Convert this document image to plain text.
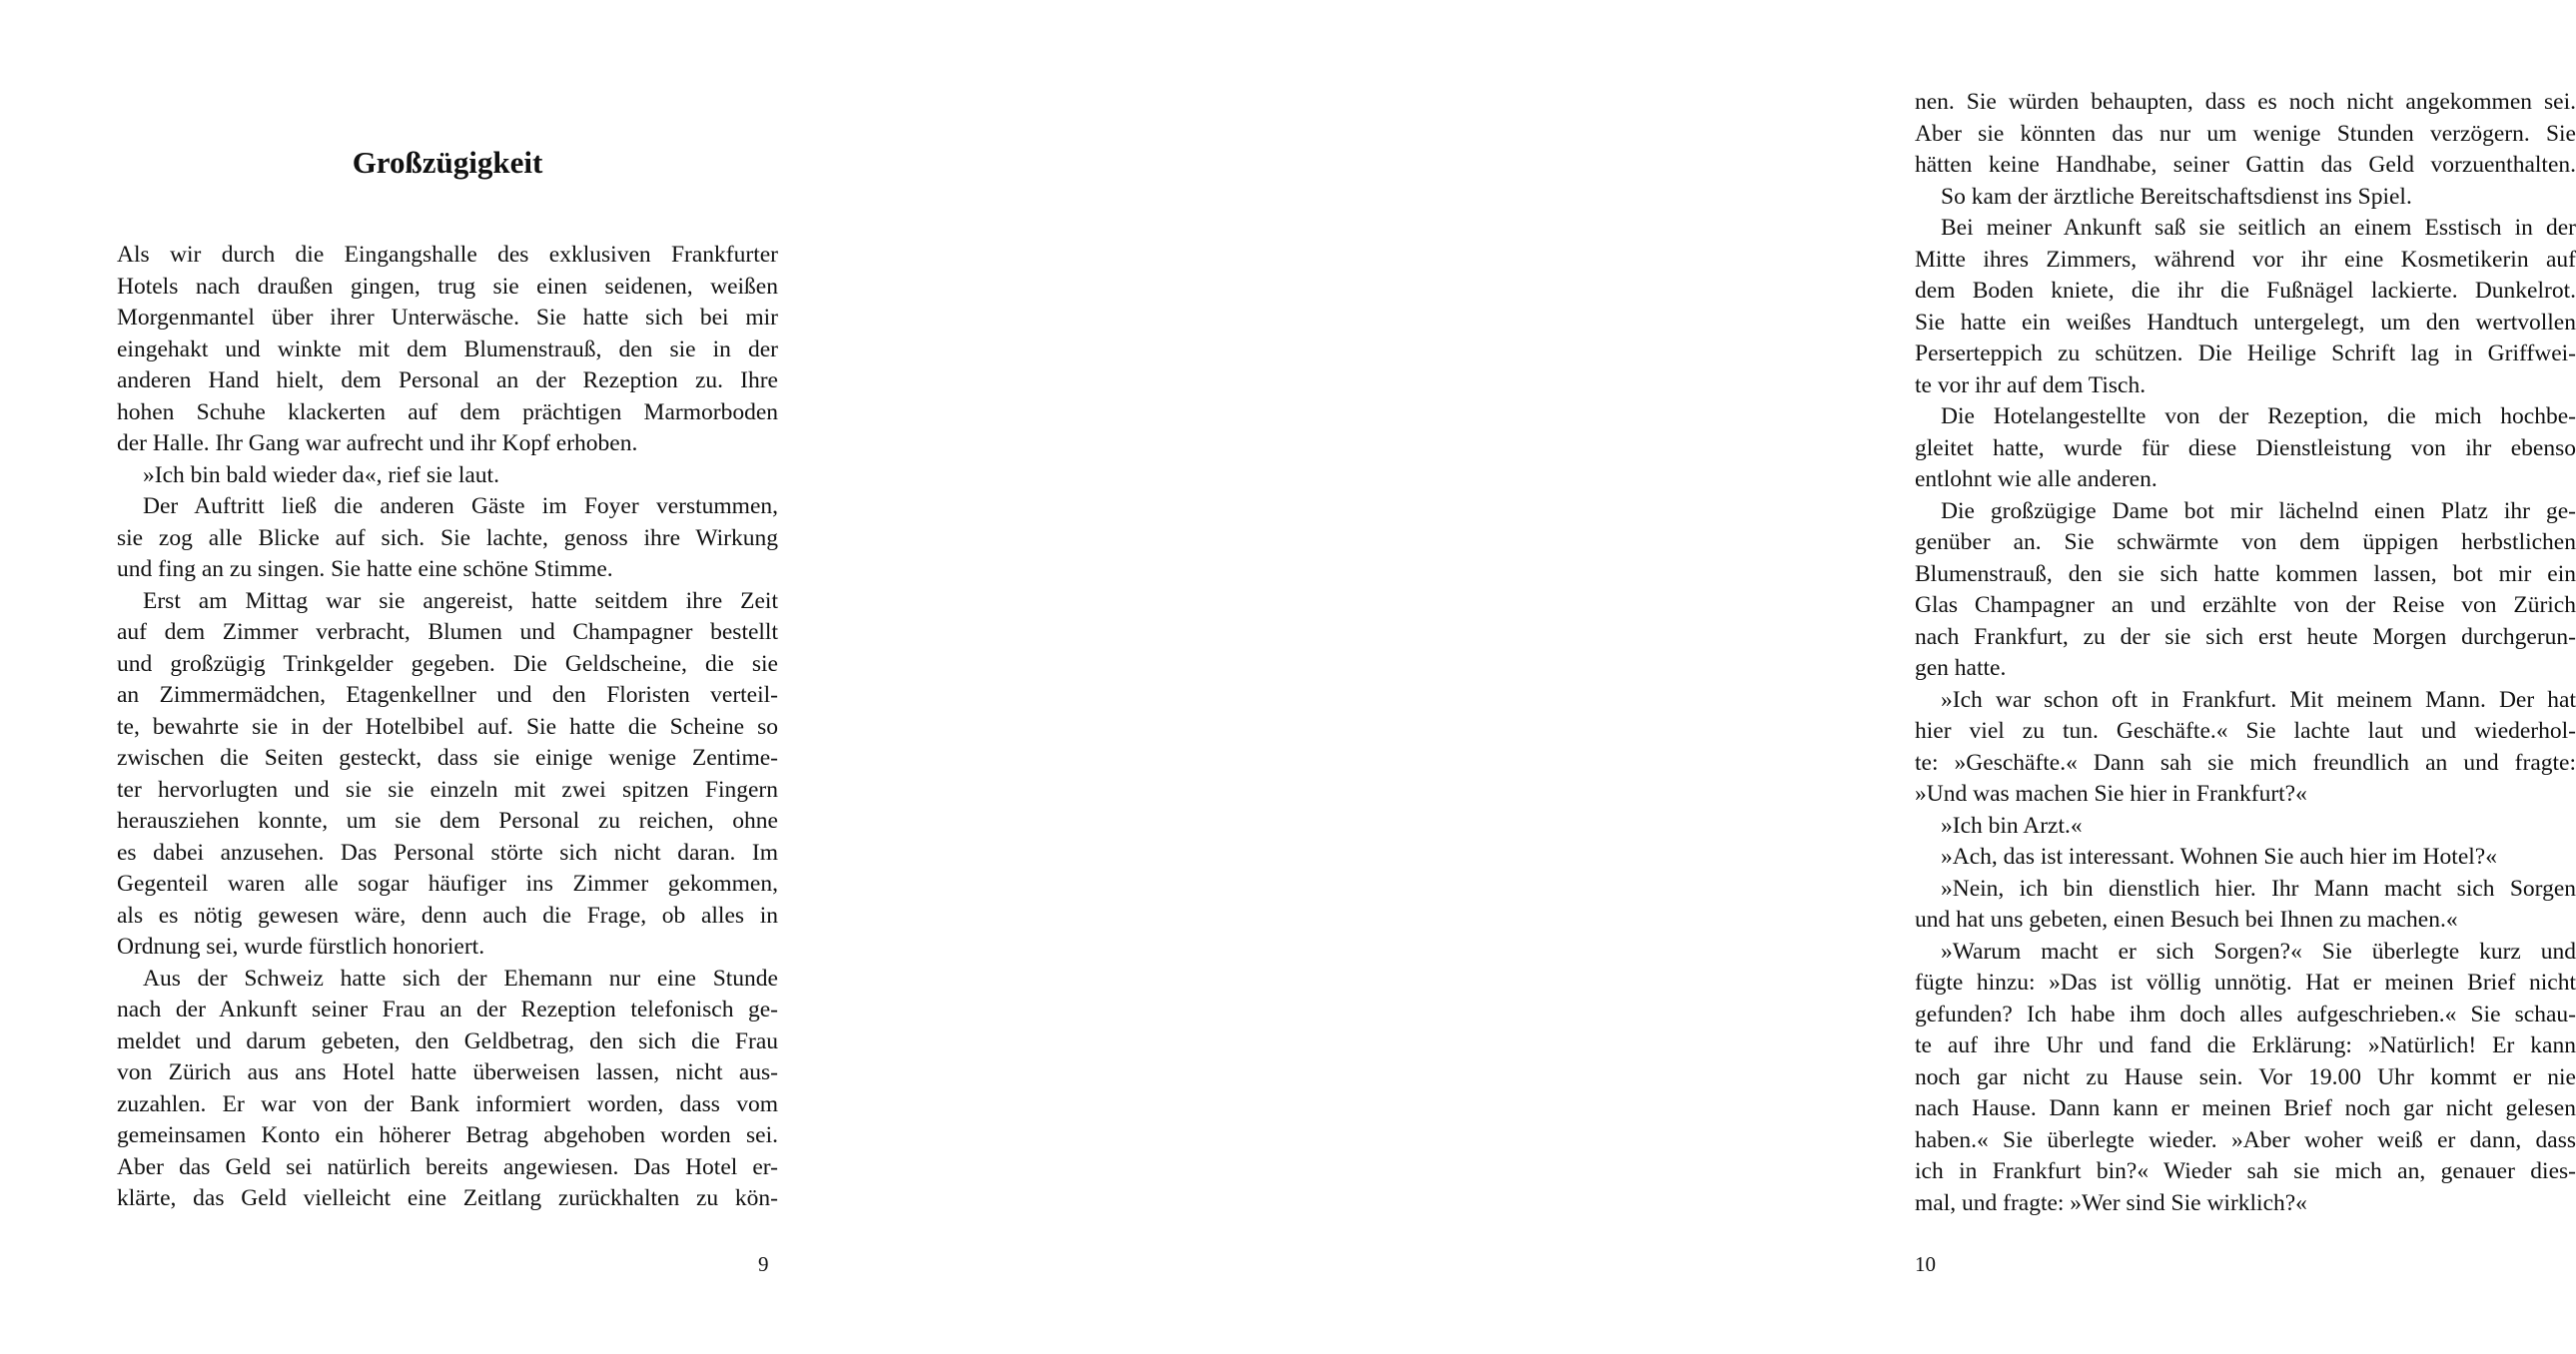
Großzügigkeit
Als wir durch die Eingangshalle des exklusiven Frankfurter
Hotels nach draußen gingen, trug sie einen seidenen, weißen
Morgenmantel über ihrer Unterwäsche. Sie hatte sich bei mir
eingehakt und winkte mit dem Blumenstrauß, den sie in der
anderen Hand hielt, dem Personal an der Rezeption zu. Ihre
hohen Schuhe klackerten auf dem prächtigen Marmorboden
der Halle. Ihr Gang war aufrecht und ihr Kopf erhoben.
»Ich bin bald wieder da«, rief sie laut.
Der Auftritt ließ die anderen Gäste im Foyer verstummen,
sie zog alle Blicke auf sich. Sie lachte, genoss ihre Wirkung
und fing an zu singen. Sie hatte eine schöne Stimme.
Erst am Mittag war sie angereist, hatte seitdem ihre Zeit
auf dem Zimmer verbracht, Blumen und Champagner bestellt
und großzügig Trinkgelder gegeben. Die Geldscheine, die sie
an Zimmermädchen, Etagenkellner und den Floristen verteil-
te, bewahrte sie in der Hotelbibel auf. Sie hatte die Scheine so
zwischen die Seiten gesteckt, dass sie einige wenige Zentime-
ter hervorlugten und sie sie einzeln mit zwei spitzen Fingern
herausziehen konnte, um sie dem Personal zu reichen, ohne
es dabei anzusehen. Das Personal störte sich nicht daran. Im
Gegenteil waren alle sogar häufiger ins Zimmer gekommen,
als es nötig gewesen wäre, denn auch die Frage, ob alles in
Ordnung sei, wurde fürstlich honoriert.
Aus der Schweiz hatte sich der Ehemann nur eine Stunde
nach der Ankunft seiner Frau an der Rezeption telefonisch ge-
meldet und darum gebeten, den Geldbetrag, den sich die Frau
von Zürich aus ans Hotel hatte überweisen lassen, nicht aus-
zuzahlen. Er war von der Bank informiert worden, dass vom
gemeinsamen Konto ein höherer Betrag abgehoben worden sei.
Aber das Geld sei natürlich bereits angewiesen. Das Hotel er-
klärte, das Geld vielleicht eine Zeitlang zurückhalten zu kön-
9
nen. Sie würden behaupten, dass es noch nicht angekommen sei.
Aber sie könnten das nur um wenige Stunden verzögern. Sie
hätten keine Handhabe, seiner Gattin das Geld vorzuenthalten.
So kam der ärztliche Bereitschaftsdienst ins Spiel.
Bei meiner Ankunft saß sie seitlich an einem Esstisch in der
Mitte ihres Zimmers, während vor ihr eine Kosmetikerin auf
dem Boden kniete, die ihr die Fußnägel lackierte. Dunkelrot.
Sie hatte ein weißes Handtuch untergelegt, um den wertvollen
Perserteppich zu schützen. Die Heilige Schrift lag in Griffwei-
te vor ihr auf dem Tisch.
Die Hotelangestellte von der Rezeption, die mich hochbe-
gleitet hatte, wurde für diese Dienstleistung von ihr ebenso
entlohnt wie alle anderen.
Die großzügige Dame bot mir lächelnd einen Platz ihr ge-
genüber an. Sie schwärmte von dem üppigen herbstlichen
Blumenstrauß, den sie sich hatte kommen lassen, bot mir ein
Glas Champagner an und erzählte von der Reise von Zürich
nach Frankfurt, zu der sie sich erst heute Morgen durchgerun-
gen hatte.
»Ich war schon oft in Frankfurt. Mit meinem Mann. Der hat
hier viel zu tun. Geschäfte.« Sie lachte laut und wiederhol-
te: »Geschäfte.« Dann sah sie mich freundlich an und fragte:
»Und was machen Sie hier in Frankfurt?«
»Ich bin Arzt.«
»Ach, das ist interessant. Wohnen Sie auch hier im Hotel?«
»Nein, ich bin dienstlich hier. Ihr Mann macht sich Sorgen
und hat uns gebeten, einen Besuch bei Ihnen zu machen.«
»Warum macht er sich Sorgen?« Sie überlegte kurz und
fügte hinzu: »Das ist völlig unnötig. Hat er meinen Brief nicht
gefunden? Ich habe ihm doch alles aufgeschrieben.« Sie schau-
te auf ihre Uhr und fand die Erklärung: »Natürlich! Er kann
noch gar nicht zu Hause sein. Vor 19.00 Uhr kommt er nie
nach Hause. Dann kann er meinen Brief noch gar nicht gelesen
haben.« Sie überlegte wieder. »Aber woher weiß er dann, dass
ich in Frankfurt bin?« Wieder sah sie mich an, genauer dies-
mal, und fragte: »Wer sind Sie wirklich?«
10
